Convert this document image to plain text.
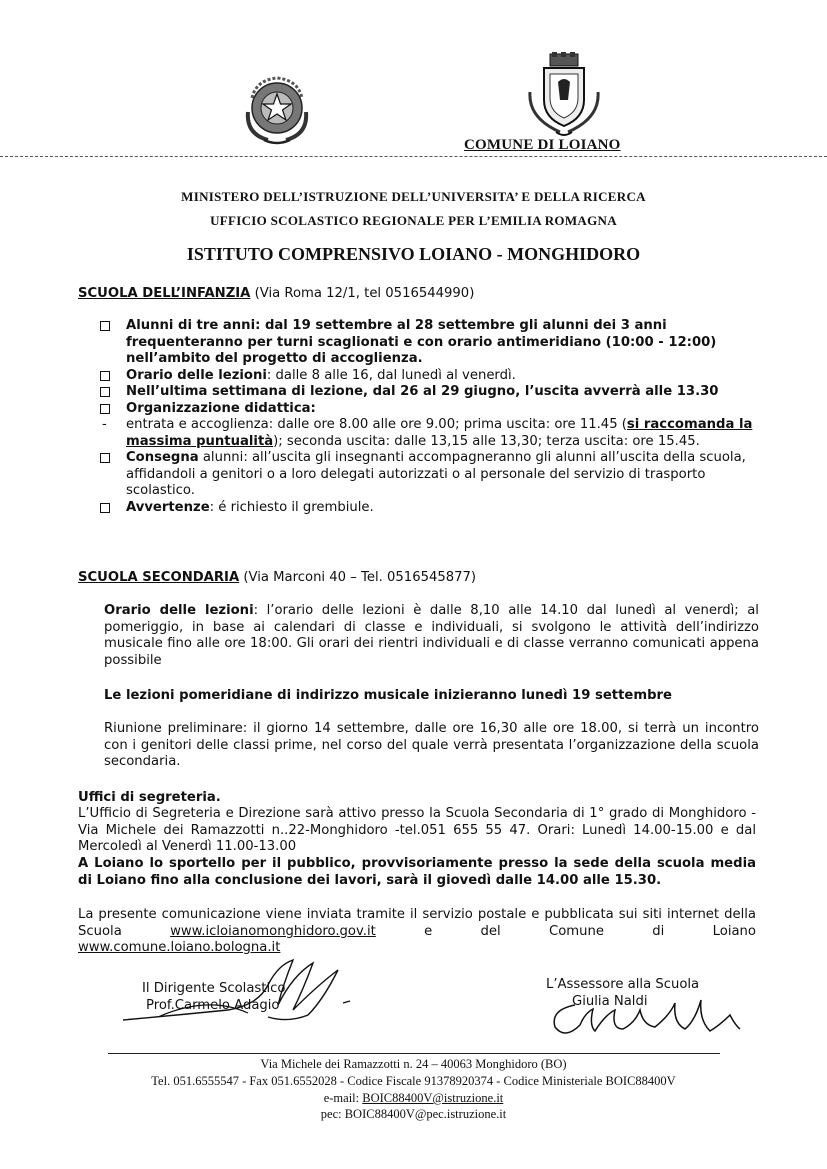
COMUNE DI LOIANO
MINISTERO DELL’ISTRUZIONE DELL’UNIVERSITA’ E DELLA RICERCA
UFFICIO SCOLASTICO REGIONALE PER L’EMILIA ROMAGNA
ISTITUTO COMPRENSIVO LOIANO - MONGHIDORO
SCUOLA DELL’INFANZIA (Via Roma 12/1, tel 0516544990)
Alunni di tre anni: dal 19 settembre al 28 settembre gli alunni dei 3 anni frequenteranno per turni scaglionati e con orario antimeridiano (10:00 - 12:00) nell’ambito del progetto di accoglienza.
Orario delle lezioni: dalle 8 alle 16, dal lunedì al venerdì.
Nell’ultima settimana di lezione, dal 26 al 29 giugno, l’uscita avverrà alle 13.30
Organizzazione didattica:
- entrata e accoglienza: dalle ore 8.00 alle ore 9.00; prima uscita: ore 11.45 (si raccomanda la massima puntualità); seconda uscita: dalle 13,15 alle 13,30; terza uscita: ore 15.45.
Consegna alunni: all’uscita gli insegnanti accompagneranno gli alunni all’uscita della scuola, affidandoli a genitori o a loro delegati autorizzati o al personale del servizio di trasporto scolastico.
Avvertenze: é richiesto il grembiule.
SCUOLA SECONDARIA (Via Marconi 40 – Tel. 0516545877)
Orario delle lezioni: l’orario delle lezioni è dalle 8,10 alle 14.10 dal lunedì al venerdì; al pomeriggio, in base ai calendari di classe e individuali, si svolgono le attività dell’indirizzo musicale fino alle ore 18:00. Gli orari dei rientri individuali e di classe verranno comunicati appena possibile
Le lezioni pomeridiane di indirizzo musicale inizieranno lunedì 19 settembre
Riunione preliminare: il giorno 14 settembre, dalle ore 16,30 alle ore 18.00, si terrà un incontro con i genitori delle classi prime, nel corso del quale verrà presentata l’organizzazione della scuola secondaria.
Uffici di segreteria.
L’Ufficio di Segreteria e Direzione sarà attivo presso la Scuola Secondaria di 1° grado di Monghidoro -Via Michele dei Ramazzotti n..22-Monghidoro -tel.051 655 55 47. Orari: Lunedì 14.00-15.00 e dal Mercoledì al Venerdì 11.00-13.00
A Loiano lo sportello per il pubblico, provvisoriamente presso la sede della scuola media di Loiano fino alla conclusione dei lavori, sarà il giovedì dalle 14.00 alle 15.30.
La presente comunicazione viene inviata tramite il servizio postale e pubblicata sui siti internet della Scuola www.icloianomonghidoro.gov.it e del Comune di Loiano
www.comune.loiano.bologna.it
Il Dirigente Scolastico
Prof.Carmelo Adagio
L’Assessore alla Scuola
Giulia Naldi
Via Michele dei Ramazzotti n. 24 – 40063 Monghidoro (BO)
Tel. 051.6555547 - Fax 051.6552028 - Codice Fiscale 91378920374 - Codice Ministeriale BOIC88400V
e-mail: BOIC88400V@istruzione.it
pec: BOIC88400V@pec.istruzione.it
